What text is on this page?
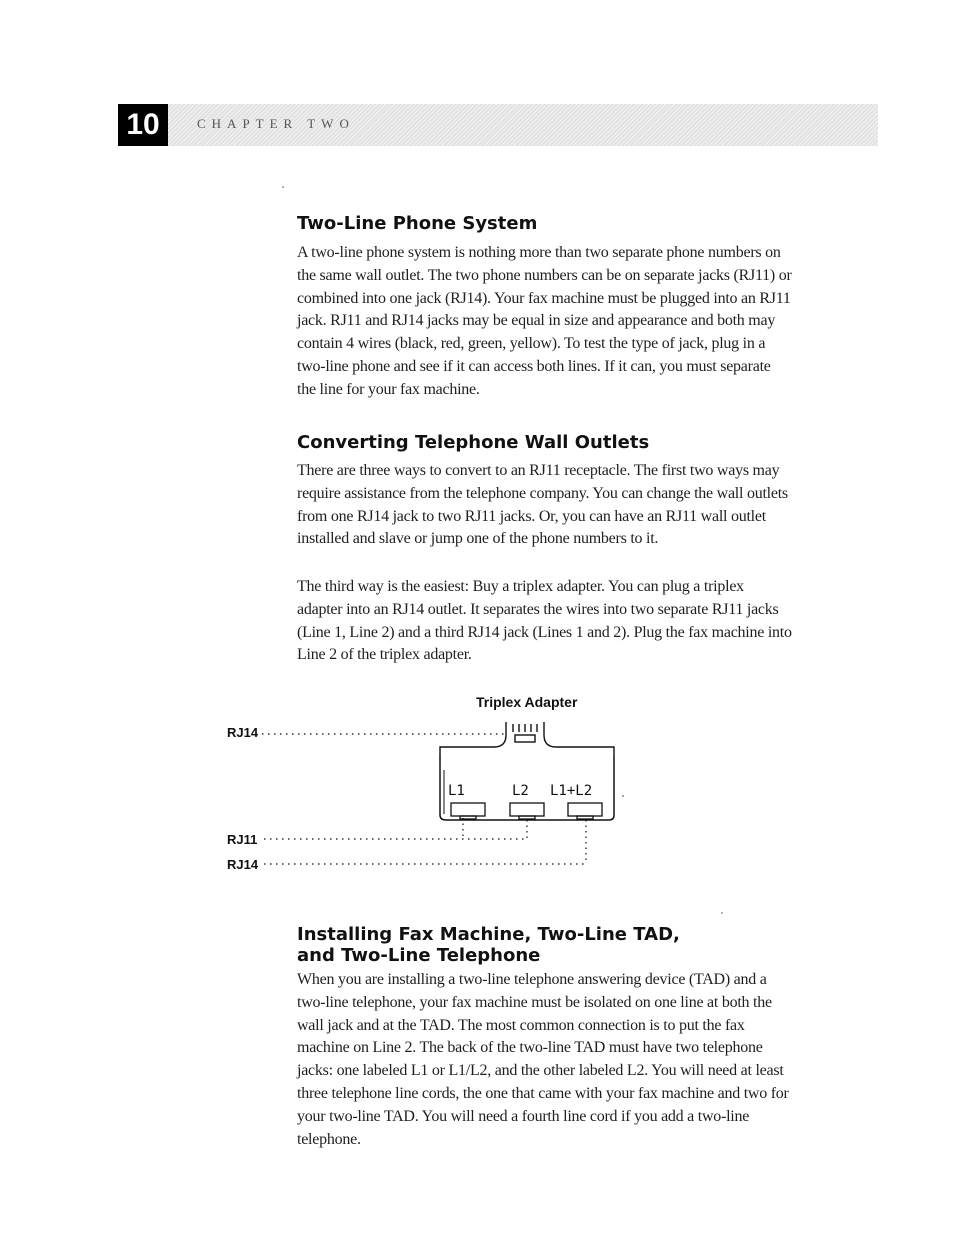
10	CHAPTER TWO
Two-Line Phone System

A two-line phone system is nothing more than two separate phone numbers on the same wall outlet. The two phone numbers can be on separate jacks (RJ11) or combined into one jack (RJ14). Your fax machine must be plugged into an RJ11 jack. RJ11 and RJ14 jacks may be equal in size and appearance and both may contain 4 wires (black, red, green, yellow). To test the type of jack, plug in a two-line phone and see if it can access both lines. If it can, you must separate the line for your fax machine.

Converting Telephone Wall Outlets

There are three ways to convert to an RJ11 receptacle. The first two ways may require assistance from the telephone company. You can change the wall outlets from one RJ14 jack to two RJ11 jacks. Or, you can have an RJ11 wall outlet installed and slave or jump one of the phone numbers to it.

The third way is the easiest: Buy a triplex adapter. You can plug a triplex adapter into an RJ14 outlet. It separates the wires into two separate RJ11 jacks (Line 1, Line 2) and a third RJ14 jack (Lines 1 and 2). Plug the fax machine into Line 2 of the triplex adapter.

Triplex Adapter
RJ14
RJ11
RJ14
L1	L2 L1+L2
Installing Fax Machine, Two-Line TAD,
and Two-Line Telephone

When you are installing a two-line telephone answering device (TAD) and a two-line telephone, your fax machine must be isolated on one line at both the wall jack and at the TAD. The most common connection is to put the fax machine on Line 2. The back of the two-line TAD must have two telephone jacks: one labeled L1 or L1/L2, and the other labeled L2. You will need at least three telephone line cords, the one that came with your fax machine and two for your two-line TAD. You will need a fourth line cord if you add a two-line telephone.
